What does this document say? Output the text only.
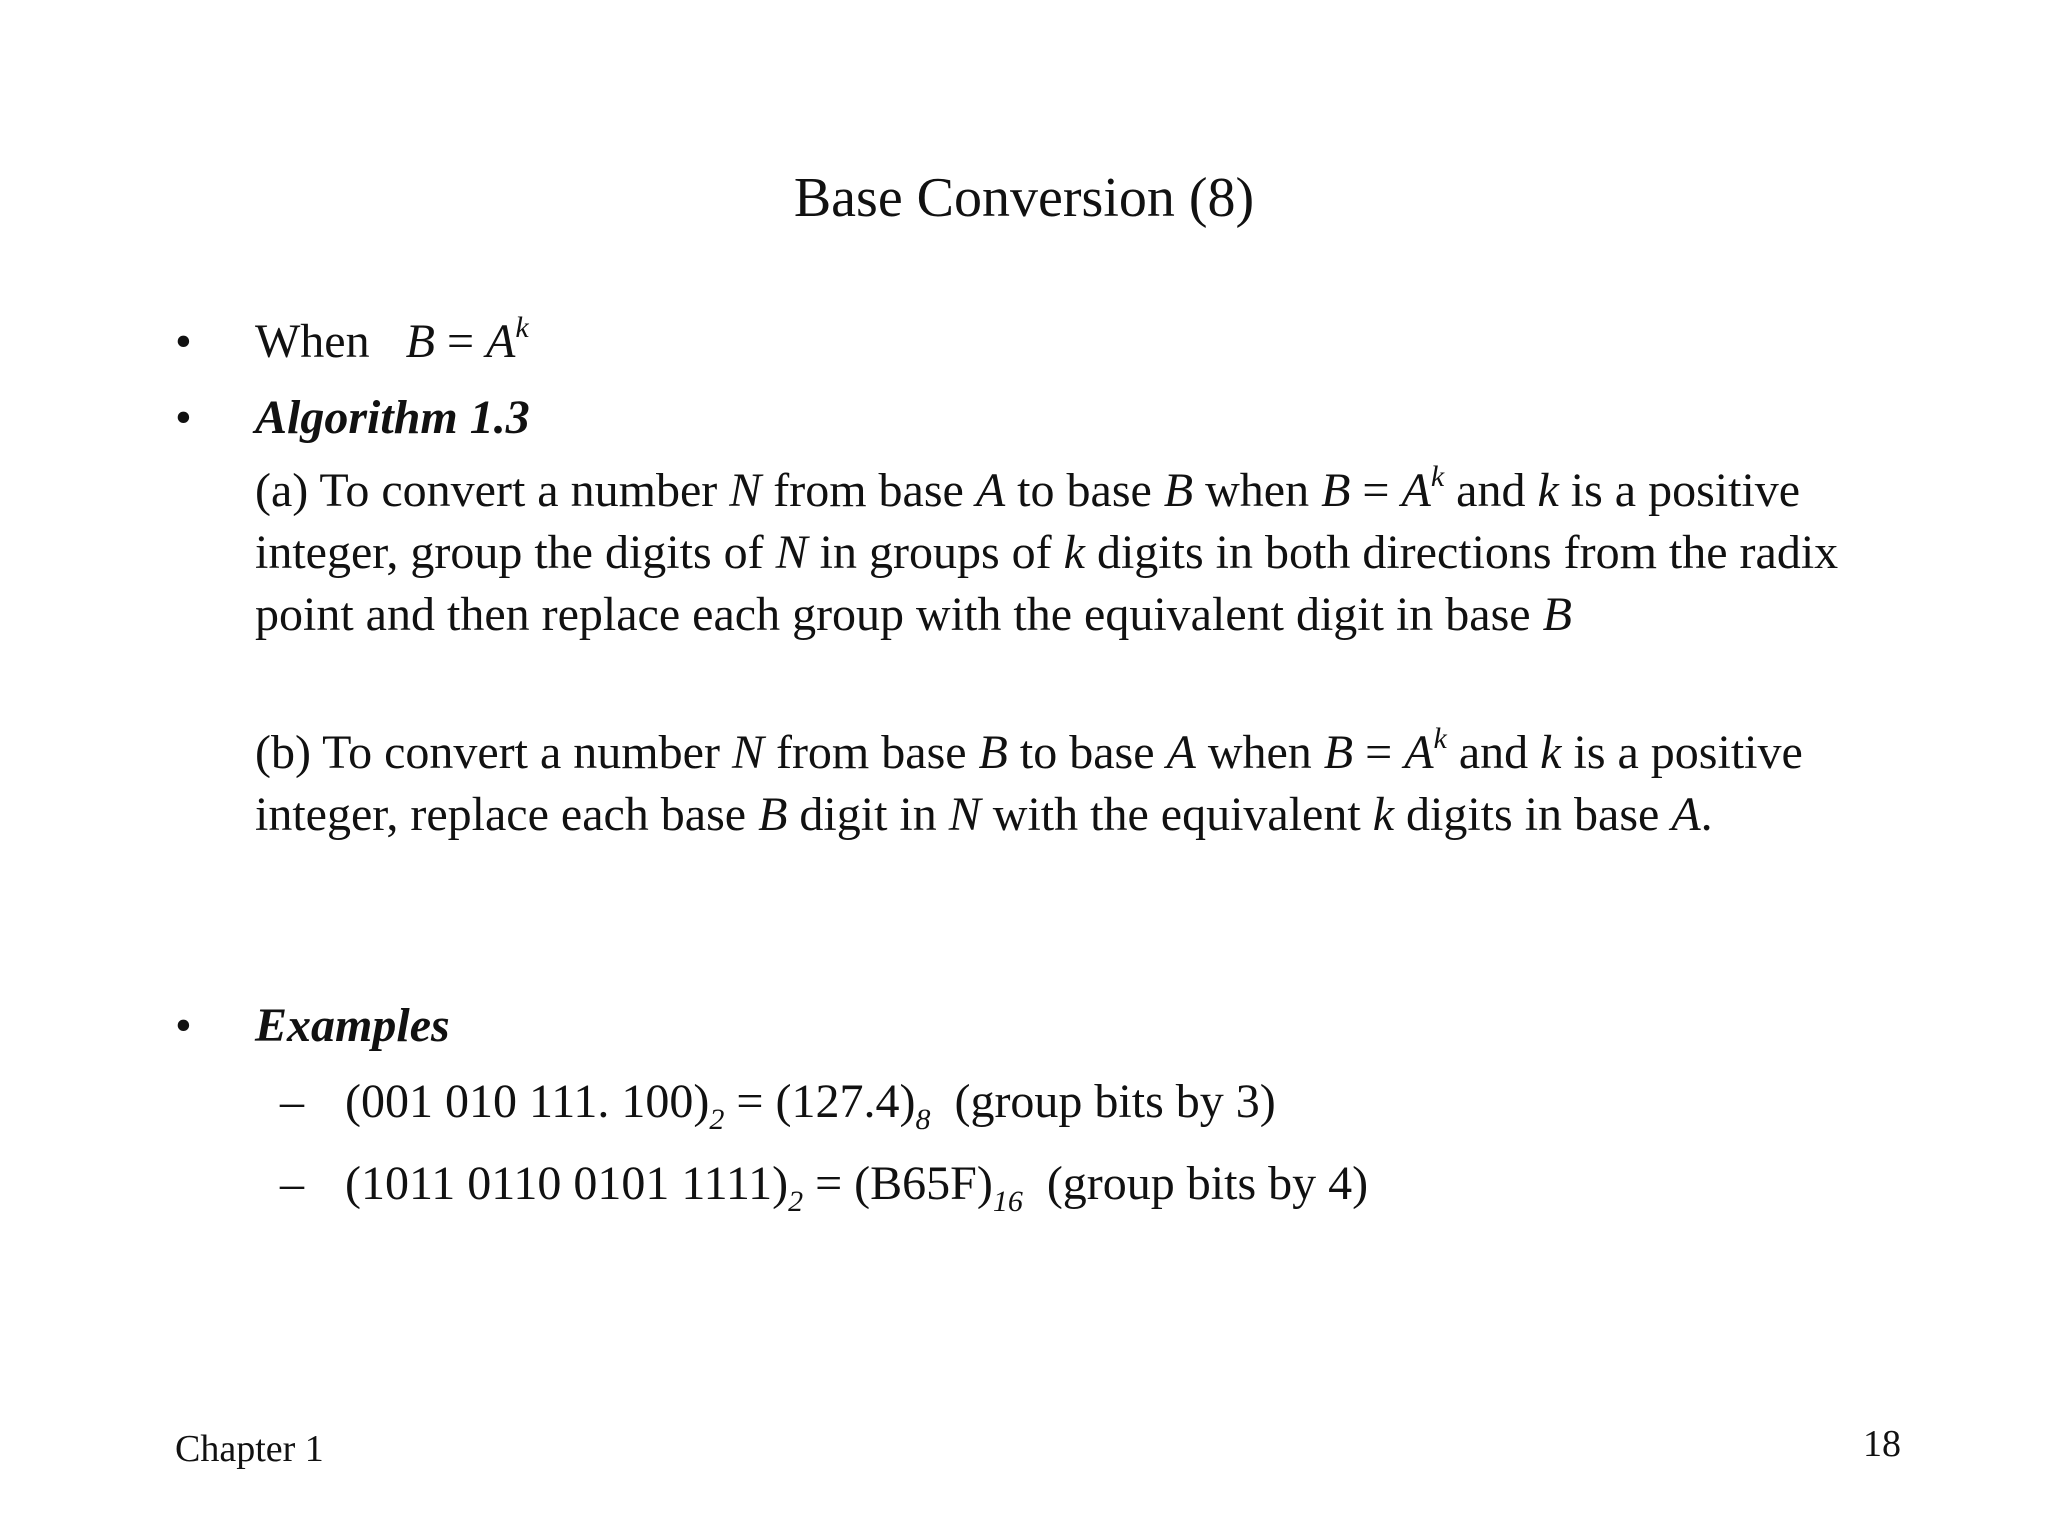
Base Conversion (8)
• When $B = A^k$
• Algorithm 1.3
(a) To convert a number N from base A to base B when $B = A^k$ and k is a positive integer, group the digits of N in groups of k digits in both directions from the radix point and then replace each group with the equivalent digit in base B
(b) To convert a number N from base B to base A when $B = A^k$ and k is a positive integer, replace each base B digit in N with the equivalent k digits in base A.
• Examples
– (001 010 111. $100)_2 = (127.4)_8$  (group bits by 3)
– (1011 0110 0101 $1111)_2 = (B65F)_{16}$  (group bits by 4)
Chapter 1	18
